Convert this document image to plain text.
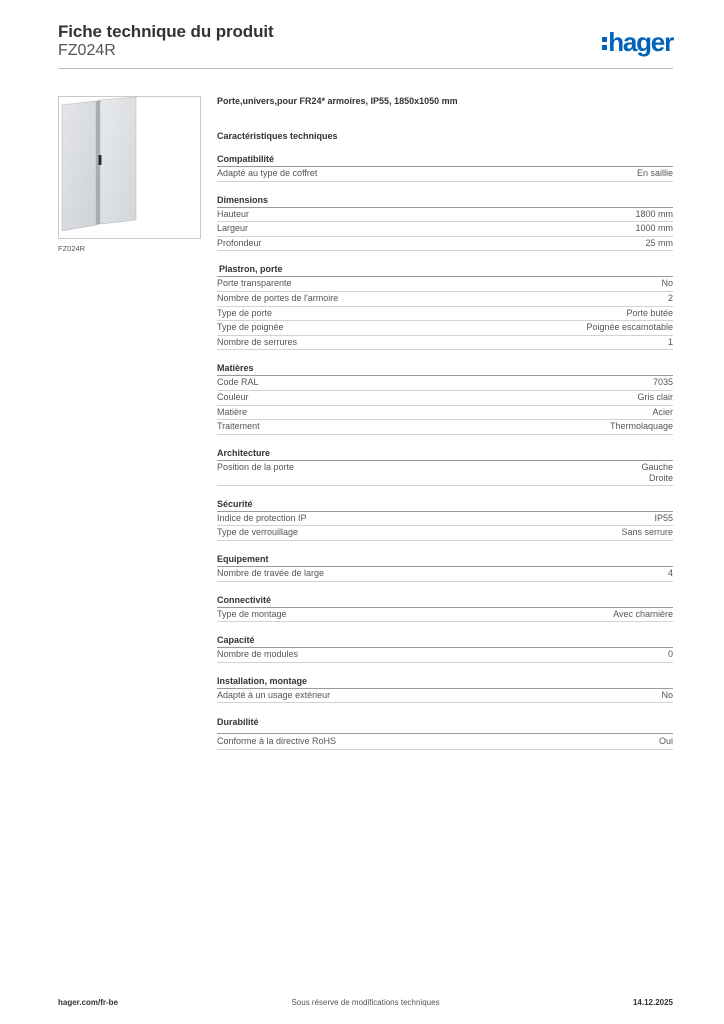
Fiche technique du produit
FZ024R	hager
FZ024R
Porte,univers,pour FR24* armoires, IP55, 1850x1050 mm
Caractéristiques techniques
Compatibilité
Adapté au type de coffret	En saillie
Dimensions
Hauteur	1800 mm
Largeur	1000 mm
Profondeur	25 mm
Plastron, porte
Porte transparente	No
Nombre de portes de l'armoire	2
Type de porte	Porte butée
Type de poignée	Poignée escamotable
Nombre de serrures	1
Matières
Code RAL	7035
Couleur	Gris clair
Matière	Acier
Traitement	Thermolaquage
Architecture
Position de la porte	Gauche
Droite
Sécurité
Indice de protection IP	IP55
Type de verrouillage	Sans serrure
Equipement
Nombre de travée de large	4
Connectivité
Type de montage	Avec charnière
Capacité
Nombre de modules	0
Installation, montage
Adapté à un usage extérieur	No
Durabilité
Conforme à la directive RoHS	Oui
hager.com/fr-be	Sous réserve de modifications techniques	14.12.2025
